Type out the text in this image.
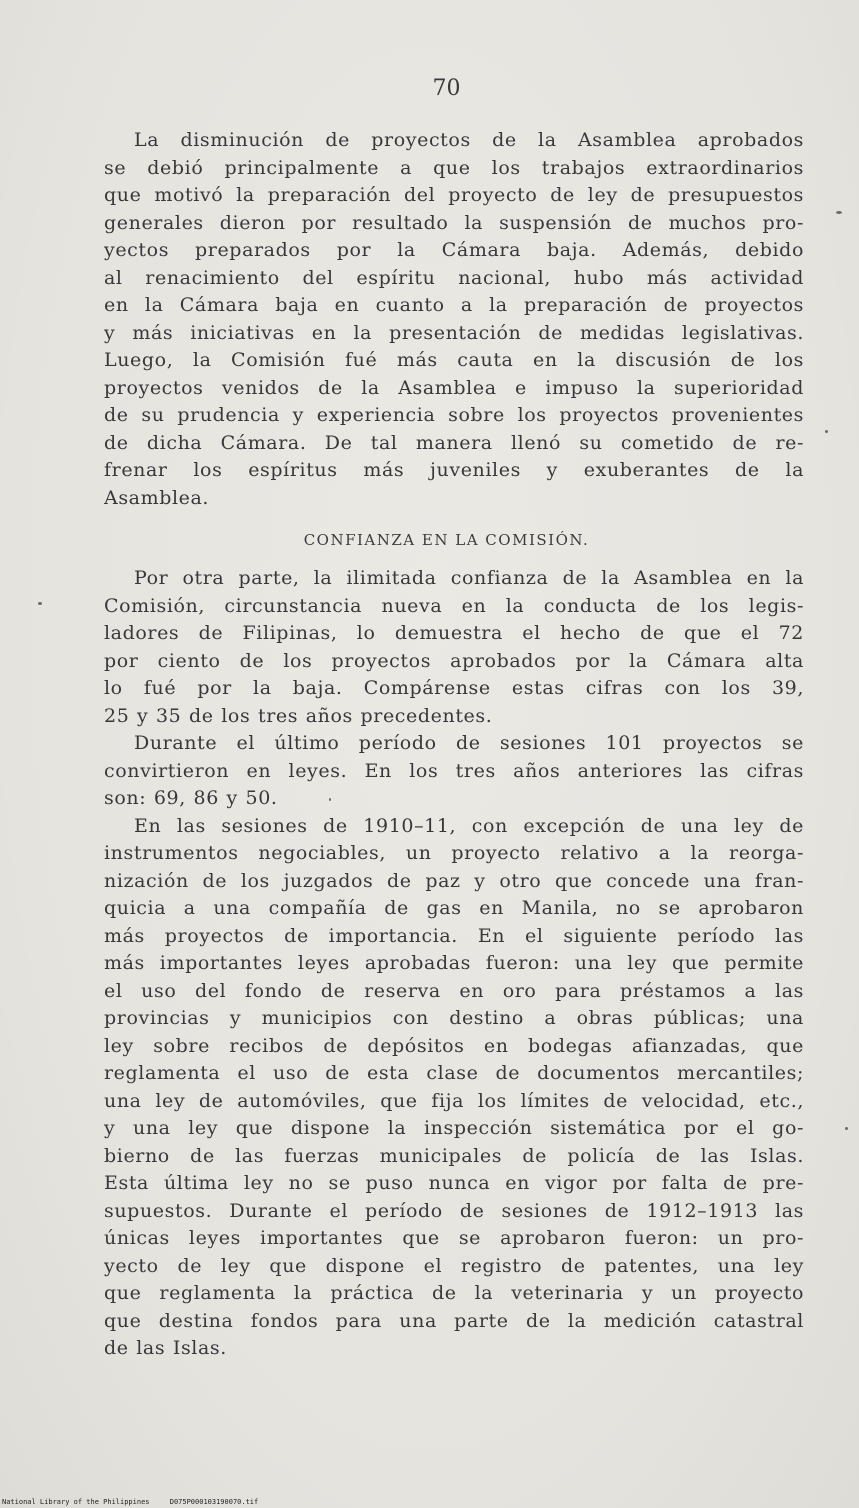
70
La disminución de proyectos de la Asamblea aprobados
se debió principalmente a que los trabajos extraordinarios
que motivó la preparación del proyecto de ley de presupuestos
generales dieron por resultado la suspensión de muchos pro-
yectos preparados por la Cámara baja. Además, debido
al renacimiento del espíritu nacional, hubo más actividad
en la Cámara baja en cuanto a la preparación de proyectos
y más iniciativas en la presentación de medidas legislativas.
Luego, la Comisión fué más cauta en la discusión de los
proyectos venidos de la Asamblea e impuso la superioridad
de su prudencia y experiencia sobre los proyectos provenientes
de dicha Cámara. De tal manera llenó su cometido de re-
frenar los espíritus más juveniles y exuberantes de la
Asamblea.
CONFIANZA EN LA COMISIÓN.
Por otra parte, la ilimitada confianza de la Asamblea en la
Comisión, circunstancia nueva en la conducta de los legis-
ladores de Filipinas, lo demuestra el hecho de que el 72
por ciento de los proyectos aprobados por la Cámara alta
lo fué por la baja. Compárense estas cifras con los 39,
25 y 35 de los tres años precedentes.
Durante el último período de sesiones 101 proyectos se
convirtieron en leyes. En los tres años anteriores las cifras
son: 69, 86 y 50.
En las sesiones de 1910–11, con excepción de una ley de
instrumentos negociables, un proyecto relativo a la reorga-
nización de los juzgados de paz y otro que concede una fran-
quicia a una compañía de gas en Manila, no se aprobaron
más proyectos de importancia. En el siguiente período las
más importantes leyes aprobadas fueron: una ley que permite
el uso del fondo de reserva en oro para préstamos a las
provincias y municipios con destino a obras públicas; una
ley sobre recibos de depósitos en bodegas afianzadas, que
reglamenta el uso de esta clase de documentos mercantiles;
una ley de automóviles, que fija los límites de velocidad, etc.,
y una ley que dispone la inspección sistemática por el go-
bierno de las fuerzas municipales de policía de las Islas.
Esta última ley no se puso nunca en vigor por falta de pre-
supuestos. Durante el período de sesiones de 1912–1913 las
únicas leyes importantes que se aprobaron fueron: un pro-
yecto de ley que dispone el registro de patentes, una ley
que reglamenta la práctica de la veterinaria y un proyecto
que destina fondos para una parte de la medición catastral
de las Islas.
National Library of the Philippines	D075P000103190070.tif
